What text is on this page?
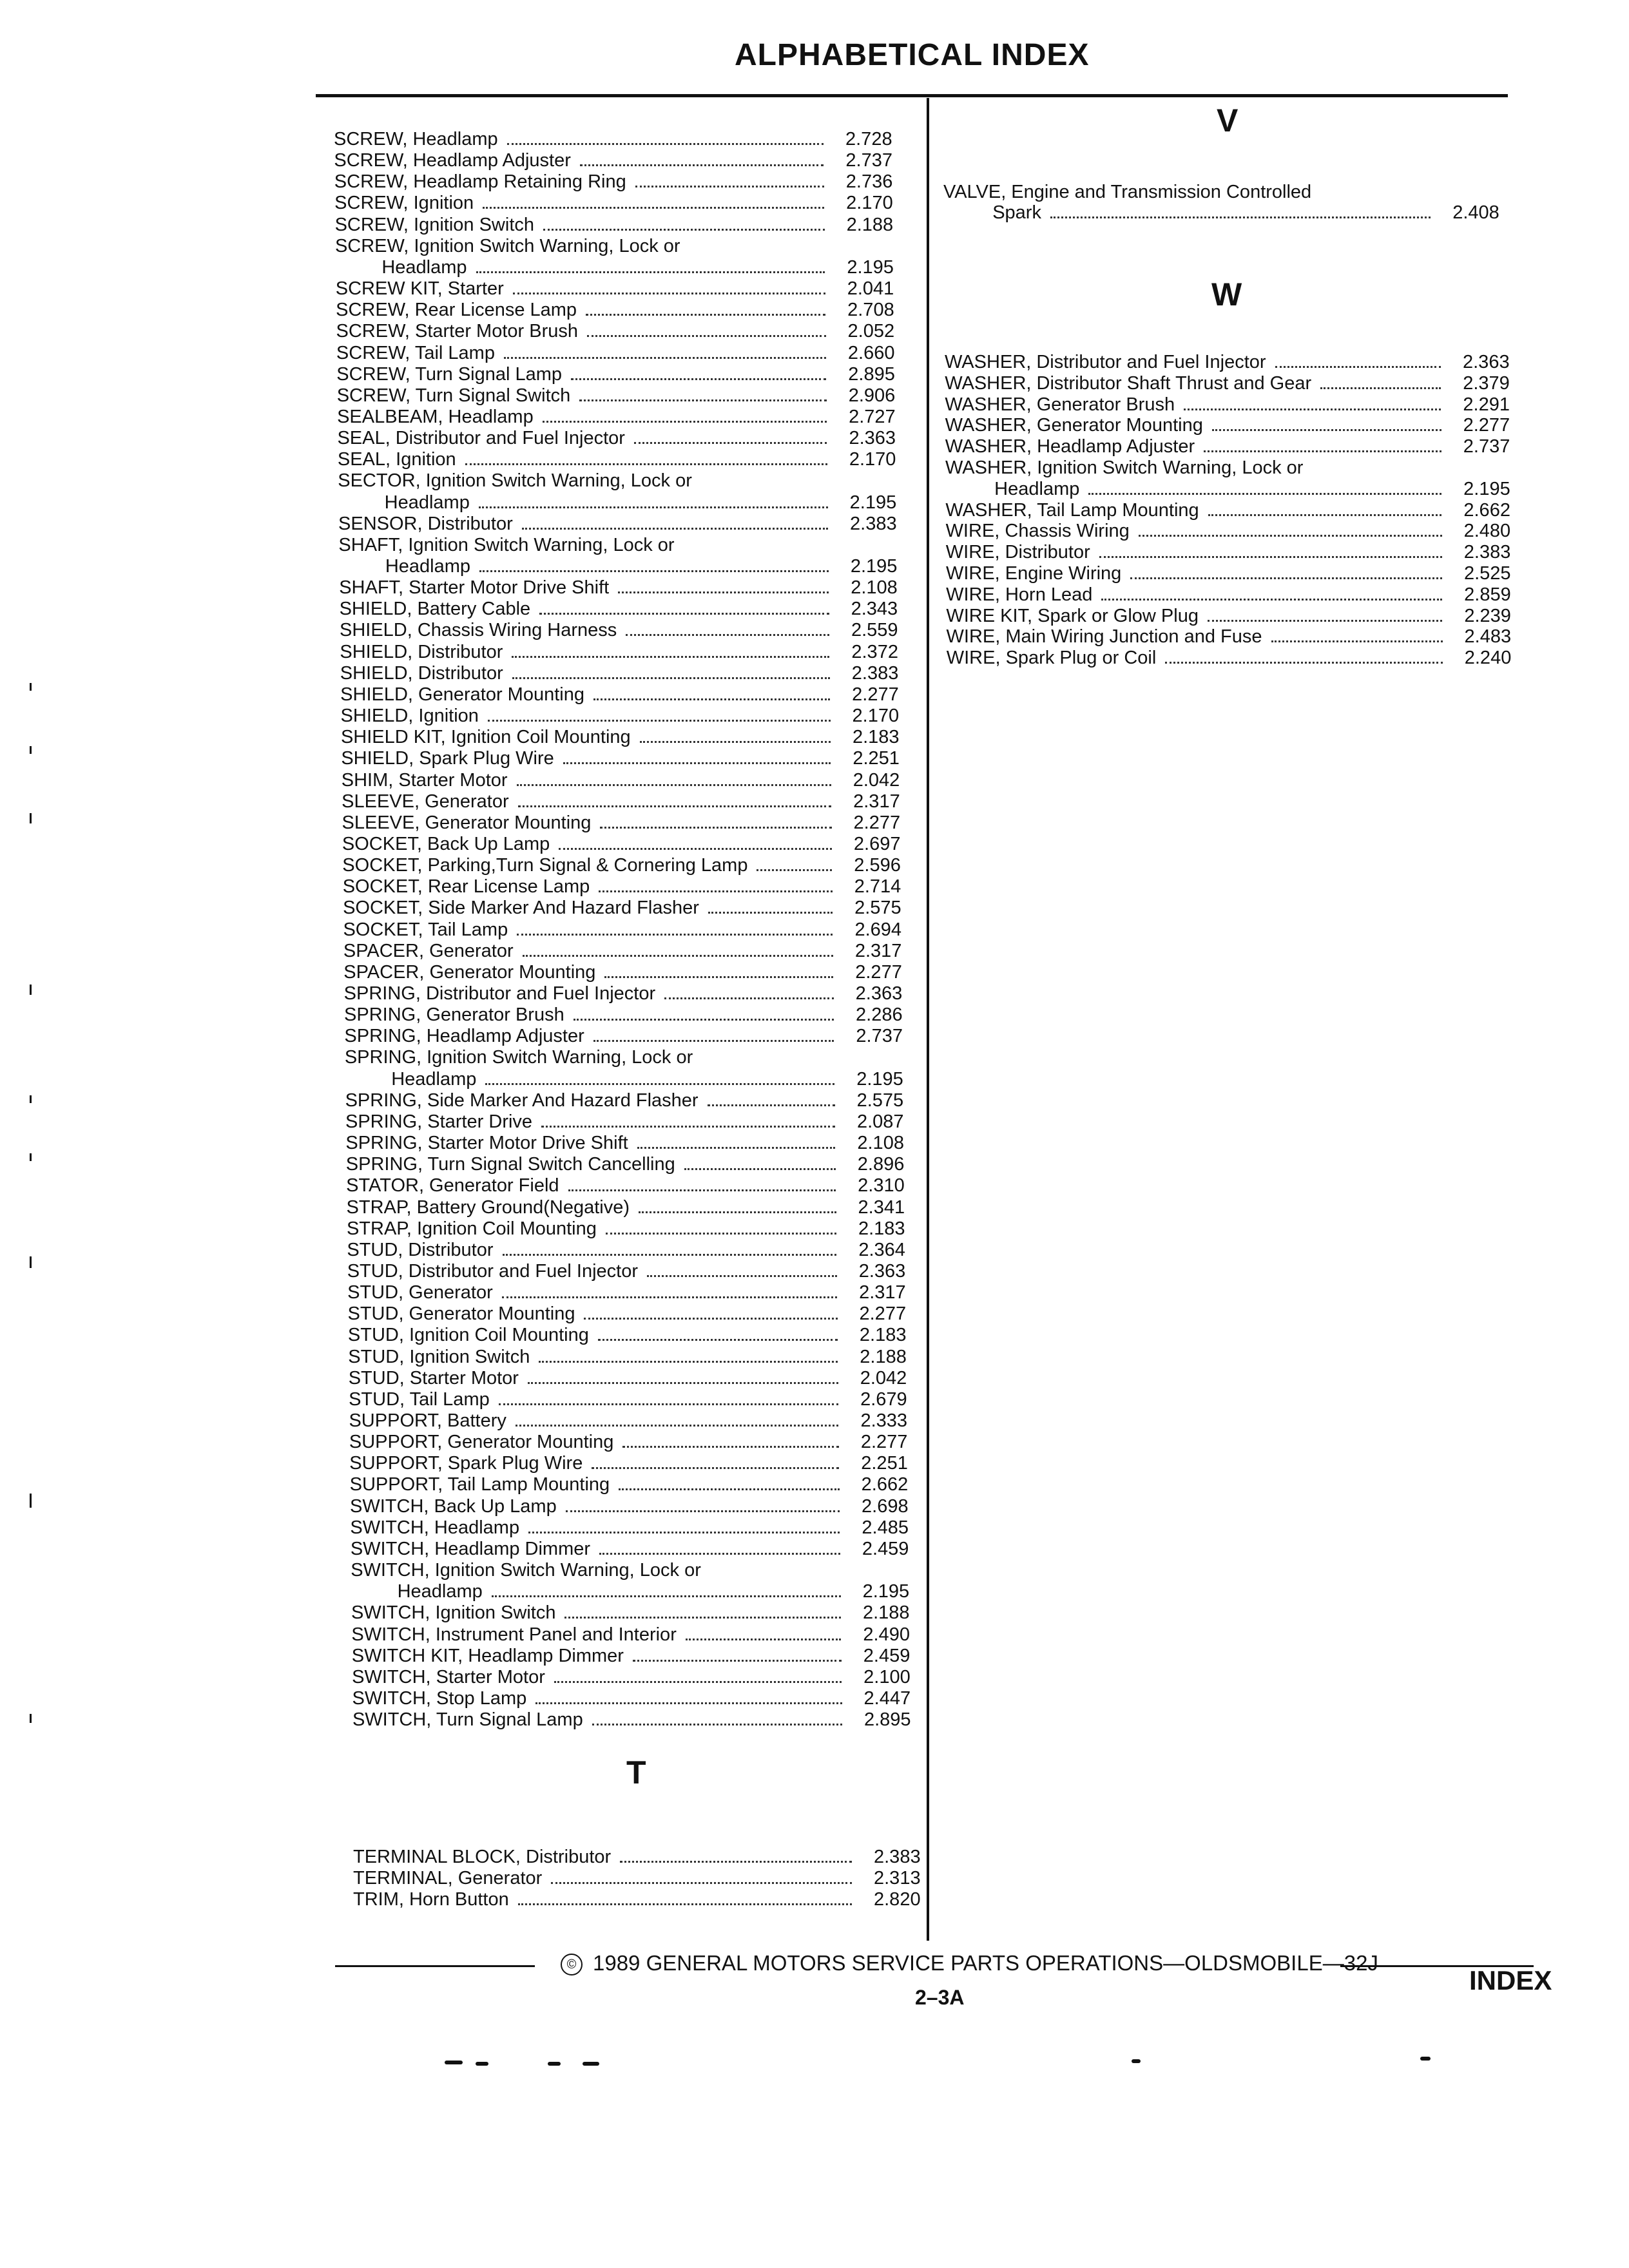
ALPHABETICAL INDEX
SCREW, Headlamp	2.728
SCREW, Headlamp Adjuster	2.737
SCREW, Headlamp Retaining Ring	2.736
SCREW, Ignition	2.170
SCREW, Ignition Switch	2.188
SCREW, Ignition Switch Warning, Lock or
Headlamp	2.195
SCREW KIT, Starter	2.041
SCREW, Rear License Lamp	2.708
SCREW, Starter Motor Brush	2.052
SCREW, Tail Lamp	2.660
SCREW, Turn Signal Lamp	2.895
SCREW, Turn Signal Switch	2.906
SEALBEAM, Headlamp	2.727
SEAL, Distributor and Fuel Injector	2.363
SEAL, Ignition	2.170
SECTOR, Ignition Switch Warning, Lock or
Headlamp	2.195
SENSOR, Distributor	2.383
SHAFT, Ignition Switch Warning, Lock or
Headlamp	2.195
SHAFT, Starter Motor Drive Shift	2.108
SHIELD, Battery Cable	2.343
SHIELD, Chassis Wiring Harness	2.559
SHIELD, Distributor	2.372
SHIELD, Distributor	2.383
SHIELD, Generator Mounting	2.277
SHIELD, Ignition	2.170
SHIELD KIT, Ignition Coil Mounting	2.183
SHIELD, Spark Plug Wire	2.251
SHIM, Starter Motor	2.042
SLEEVE, Generator	2.317
SLEEVE, Generator Mounting	2.277
SOCKET, Back Up Lamp	2.697
SOCKET, Parking,Turn Signal & Cornering Lamp	2.596
SOCKET, Rear License Lamp	2.714
SOCKET, Side Marker And Hazard Flasher	2.575
SOCKET, Tail Lamp	2.694
SPACER, Generator	2.317
SPACER, Generator Mounting	2.277
SPRING, Distributor and Fuel Injector	2.363
SPRING, Generator Brush	2.286
SPRING, Headlamp Adjuster	2.737
SPRING, Ignition Switch Warning, Lock or
Headlamp	2.195
SPRING, Side Marker And Hazard Flasher	2.575
SPRING, Starter Drive	2.087
SPRING, Starter Motor Drive Shift	2.108
SPRING, Turn Signal Switch Cancelling	2.896
STATOR, Generator Field	2.310
STRAP, Battery Ground(Negative)	2.341
STRAP, Ignition Coil Mounting	2.183
STUD, Distributor	2.364
STUD, Distributor and Fuel Injector	2.363
STUD, Generator	2.317
STUD, Generator Mounting	2.277
STUD, Ignition Coil Mounting	2.183
STUD, Ignition Switch	2.188
STUD, Starter Motor	2.042
STUD, Tail Lamp	2.679
SUPPORT, Battery	2.333
SUPPORT, Generator Mounting	2.277
SUPPORT, Spark Plug Wire	2.251
SUPPORT, Tail Lamp Mounting	2.662
SWITCH, Back Up Lamp	2.698
SWITCH, Headlamp	2.485
SWITCH, Headlamp Dimmer	2.459
SWITCH, Ignition Switch Warning, Lock or
Headlamp	2.195
SWITCH, Ignition Switch	2.188
SWITCH, Instrument Panel and Interior	2.490
SWITCH KIT, Headlamp Dimmer	2.459
SWITCH, Starter Motor	2.100
SWITCH, Stop Lamp	2.447
SWITCH, Turn Signal Lamp	2.895
T
TERMINAL BLOCK, Distributor	2.383
TERMINAL, Generator	2.313
TRIM, Horn Button	2.820
V
VALVE, Engine and Transmission Controlled
Spark	2.408
W
WASHER, Distributor and Fuel Injector	2.363
WASHER, Distributor Shaft Thrust and Gear	2.379
WASHER, Generator Brush	2.291
WASHER, Generator Mounting	2.277
WASHER, Headlamp Adjuster	2.737
WASHER, Ignition Switch Warning, Lock or
Headlamp	2.195
WASHER, Tail Lamp Mounting	2.662
WIRE, Chassis Wiring	2.480
WIRE, Distributor	2.383
WIRE, Engine Wiring	2.525
WIRE, Horn Lead	2.859
WIRE KIT, Spark or Glow Plug	2.239
WIRE, Main Wiring Junction and Fuse	2.483
WIRE, Spark Plug or Coil	2.240
© 1989 GENERAL MOTORS SERVICE PARTS OPERATIONS—OLDSMOBILE—32J
2–3A
INDEX
